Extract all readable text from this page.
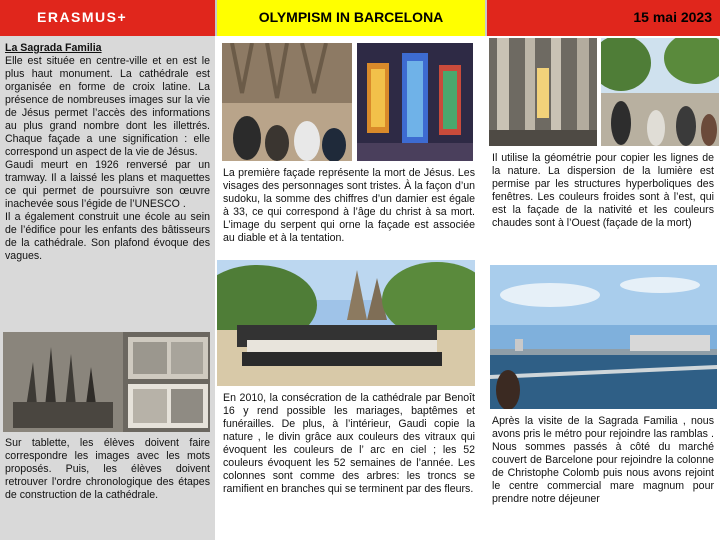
ERASMUS+	OLYMPISM IN BARCELONA	15 mai 2023

La Sagrada Familia

Elle est située en centre-ville et en est le plus haut monument. La cathédrale est organisée en forme de croix latine. La présence de nombreuses images sur la vie de Jésus permet l’accès des informations au plus grand nombre dont les illettrés. Chaque façade a une signification : elle correspond un aspect de la vie de Jésus.

Gaudi meurt en 1926 renversé par un tramway. Il a laissé les plans et maquettes ce qui permet de poursuivre son œuvre inachevée sous l’égide de l’UNESCO .

Il a également construit une école au sein de l’édifice pour les enfants des bâtisseurs de la cathédrale. Son plafond évoque des vagues.

Sur tablette, les élèves doivent faire correspondre les images avec les mots proposés. Puis, les élèves doivent retrouver l’ordre chronologique des étapes de construction de la cathédrale.

La première façade représente la mort de Jésus. Les visages des personnages sont tristes. À la façon d’un sudoku, la somme des chiffres d’un damier est égale à 33, ce qui correspond à l’âge du christ à sa mort. L’image du serpent qui orne la façade est associée au diable et à la tentation.

En 2010, la consécration de la cathédrale par Benoît 16 y rend possible les mariages, baptêmes et funérailles. De plus, à l’intérieur, Gaudi copie la nature , le divin grâce aux couleurs des vitraux qui évoquent les couleurs de l’ arc en ciel ; les 52 couleurs évoquent les 52 semaines de l’année. Les colonnes sont comme des arbres: les troncs se ramifient en branches qui se terminent par des fleurs.

Il utilise la géométrie pour copier les lignes de la nature. La dispersion de la lumière est permise par les structures hyperboliques des fenêtres. Les couleurs froides sont à l’est, qui est la façade de la nativité et les couleurs chaudes sont à l’Ouest (façade de la mort)

Après la visite de la Sagrada Familia , nous avons pris le métro pour rejoindre las ramblas . Nous sommes passés à côté du marché couvert de Barcelone pour rejoindre la colonne de Christophe Colomb puis nous avons rejoint le centre commercial mare magnum pour prendre notre déjeuner
